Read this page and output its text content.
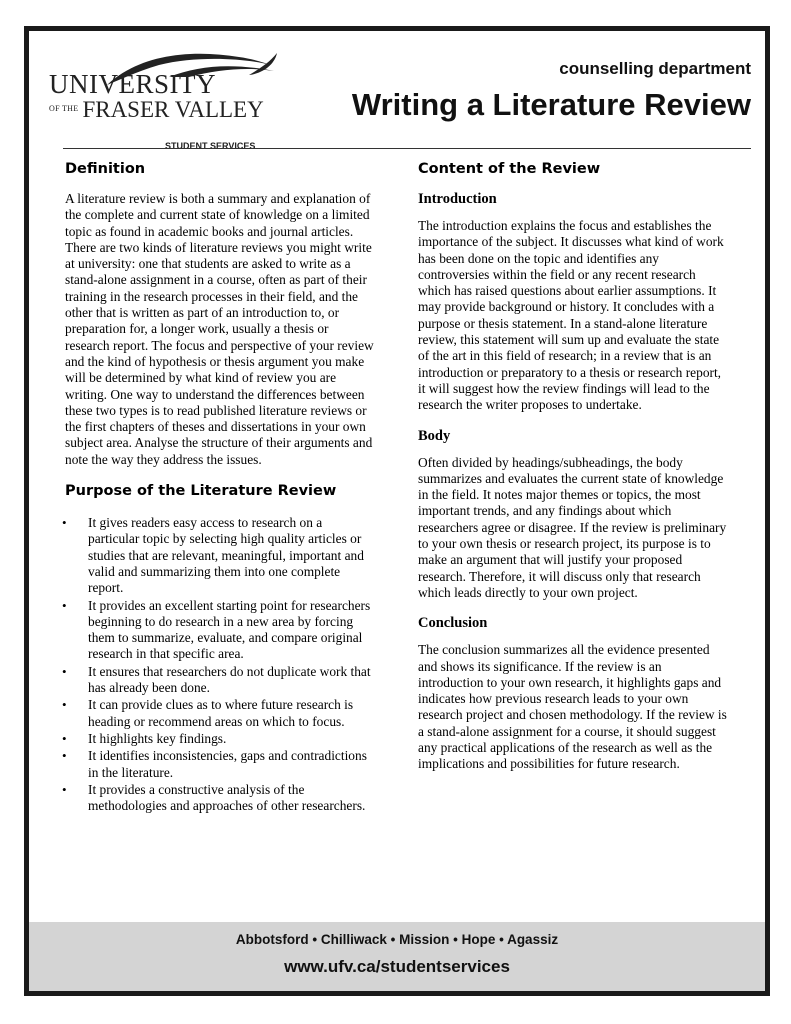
UNIVERSITY
$^{OF THE}$ FRASER VALLEY
STUDENT SERVICES
counselling department
Writing a Literature Review
Definition

A literature review is both a summary and explanation of the complete and current state of knowledge on a limited topic as found in academic books and journal articles. There are two kinds of literature reviews you might write at university: one that students are asked to write as a stand-alone assignment in a course, often as part of their training in the research processes in their field, and the other that is written as part of an introduction to, or preparation for, a longer work, usually a thesis or research report. The focus and perspective of your review and the kind of hypothesis or thesis argument you make will be determined by what kind of review you are writing. One way to understand the differences between these two types is to read published literature reviews or the first chapters of theses and dissertations in your own subject area. Analyse the structure of their arguments and note the way they address the issues.

Purpose of the Literature Review
• It gives readers easy access to research on a particular topic by selecting high quality articles or studies that are relevant, meaningful, important and valid and summarizing them into one complete report.
• It provides an excellent starting point for researchers beginning to do research in a new area by forcing them to summarize, evaluate, and compare original research in that specific area.
• It ensures that researchers do not duplicate work that has already been done.
• It can provide clues as to where future research is heading or recommend areas on which to focus.
• It highlights key findings.
• It identifies inconsistencies, gaps and contradictions in the literature.
• It provides a constructive analysis of the methodologies and approaches of other researchers.
Content of the Review
Introduction

The introduction explains the focus and establishes the importance of the subject. It discusses what kind of work has been done on the topic and identifies any controversies within the field or any recent research which has raised questions about earlier assumptions. It may provide background or history. It concludes with a purpose or thesis statement. In a stand-alone literature review, this statement will sum up and evaluate the state of the art in this field of research; in a review that is an introduction or preparatory to a thesis or research report, it will suggest how the review findings will lead to the research the writer proposes to undertake.

Body

Often divided by headings/subheadings, the body summarizes and evaluates the current state of knowledge in the field. It notes major themes or topics, the most important trends, and any findings about which researchers agree or disagree. If the review is preliminary to your own thesis or research project, its purpose is to make an argument that will justify your proposed research. Therefore, it will discuss only that research which leads directly to your own project.

Conclusion

The conclusion summarizes all the evidence presented and shows its significance. If the review is an introduction to your own research, it highlights gaps and indicates how previous research leads to your own research project and chosen methodology. If the review is a stand-alone assignment for a course, it should suggest any practical applications of the research as well as the implications and possibilities for future research.

Abbotsford • Chilliwack • Mission • Hope • Agassiz
www.ufv.ca/studentservices
